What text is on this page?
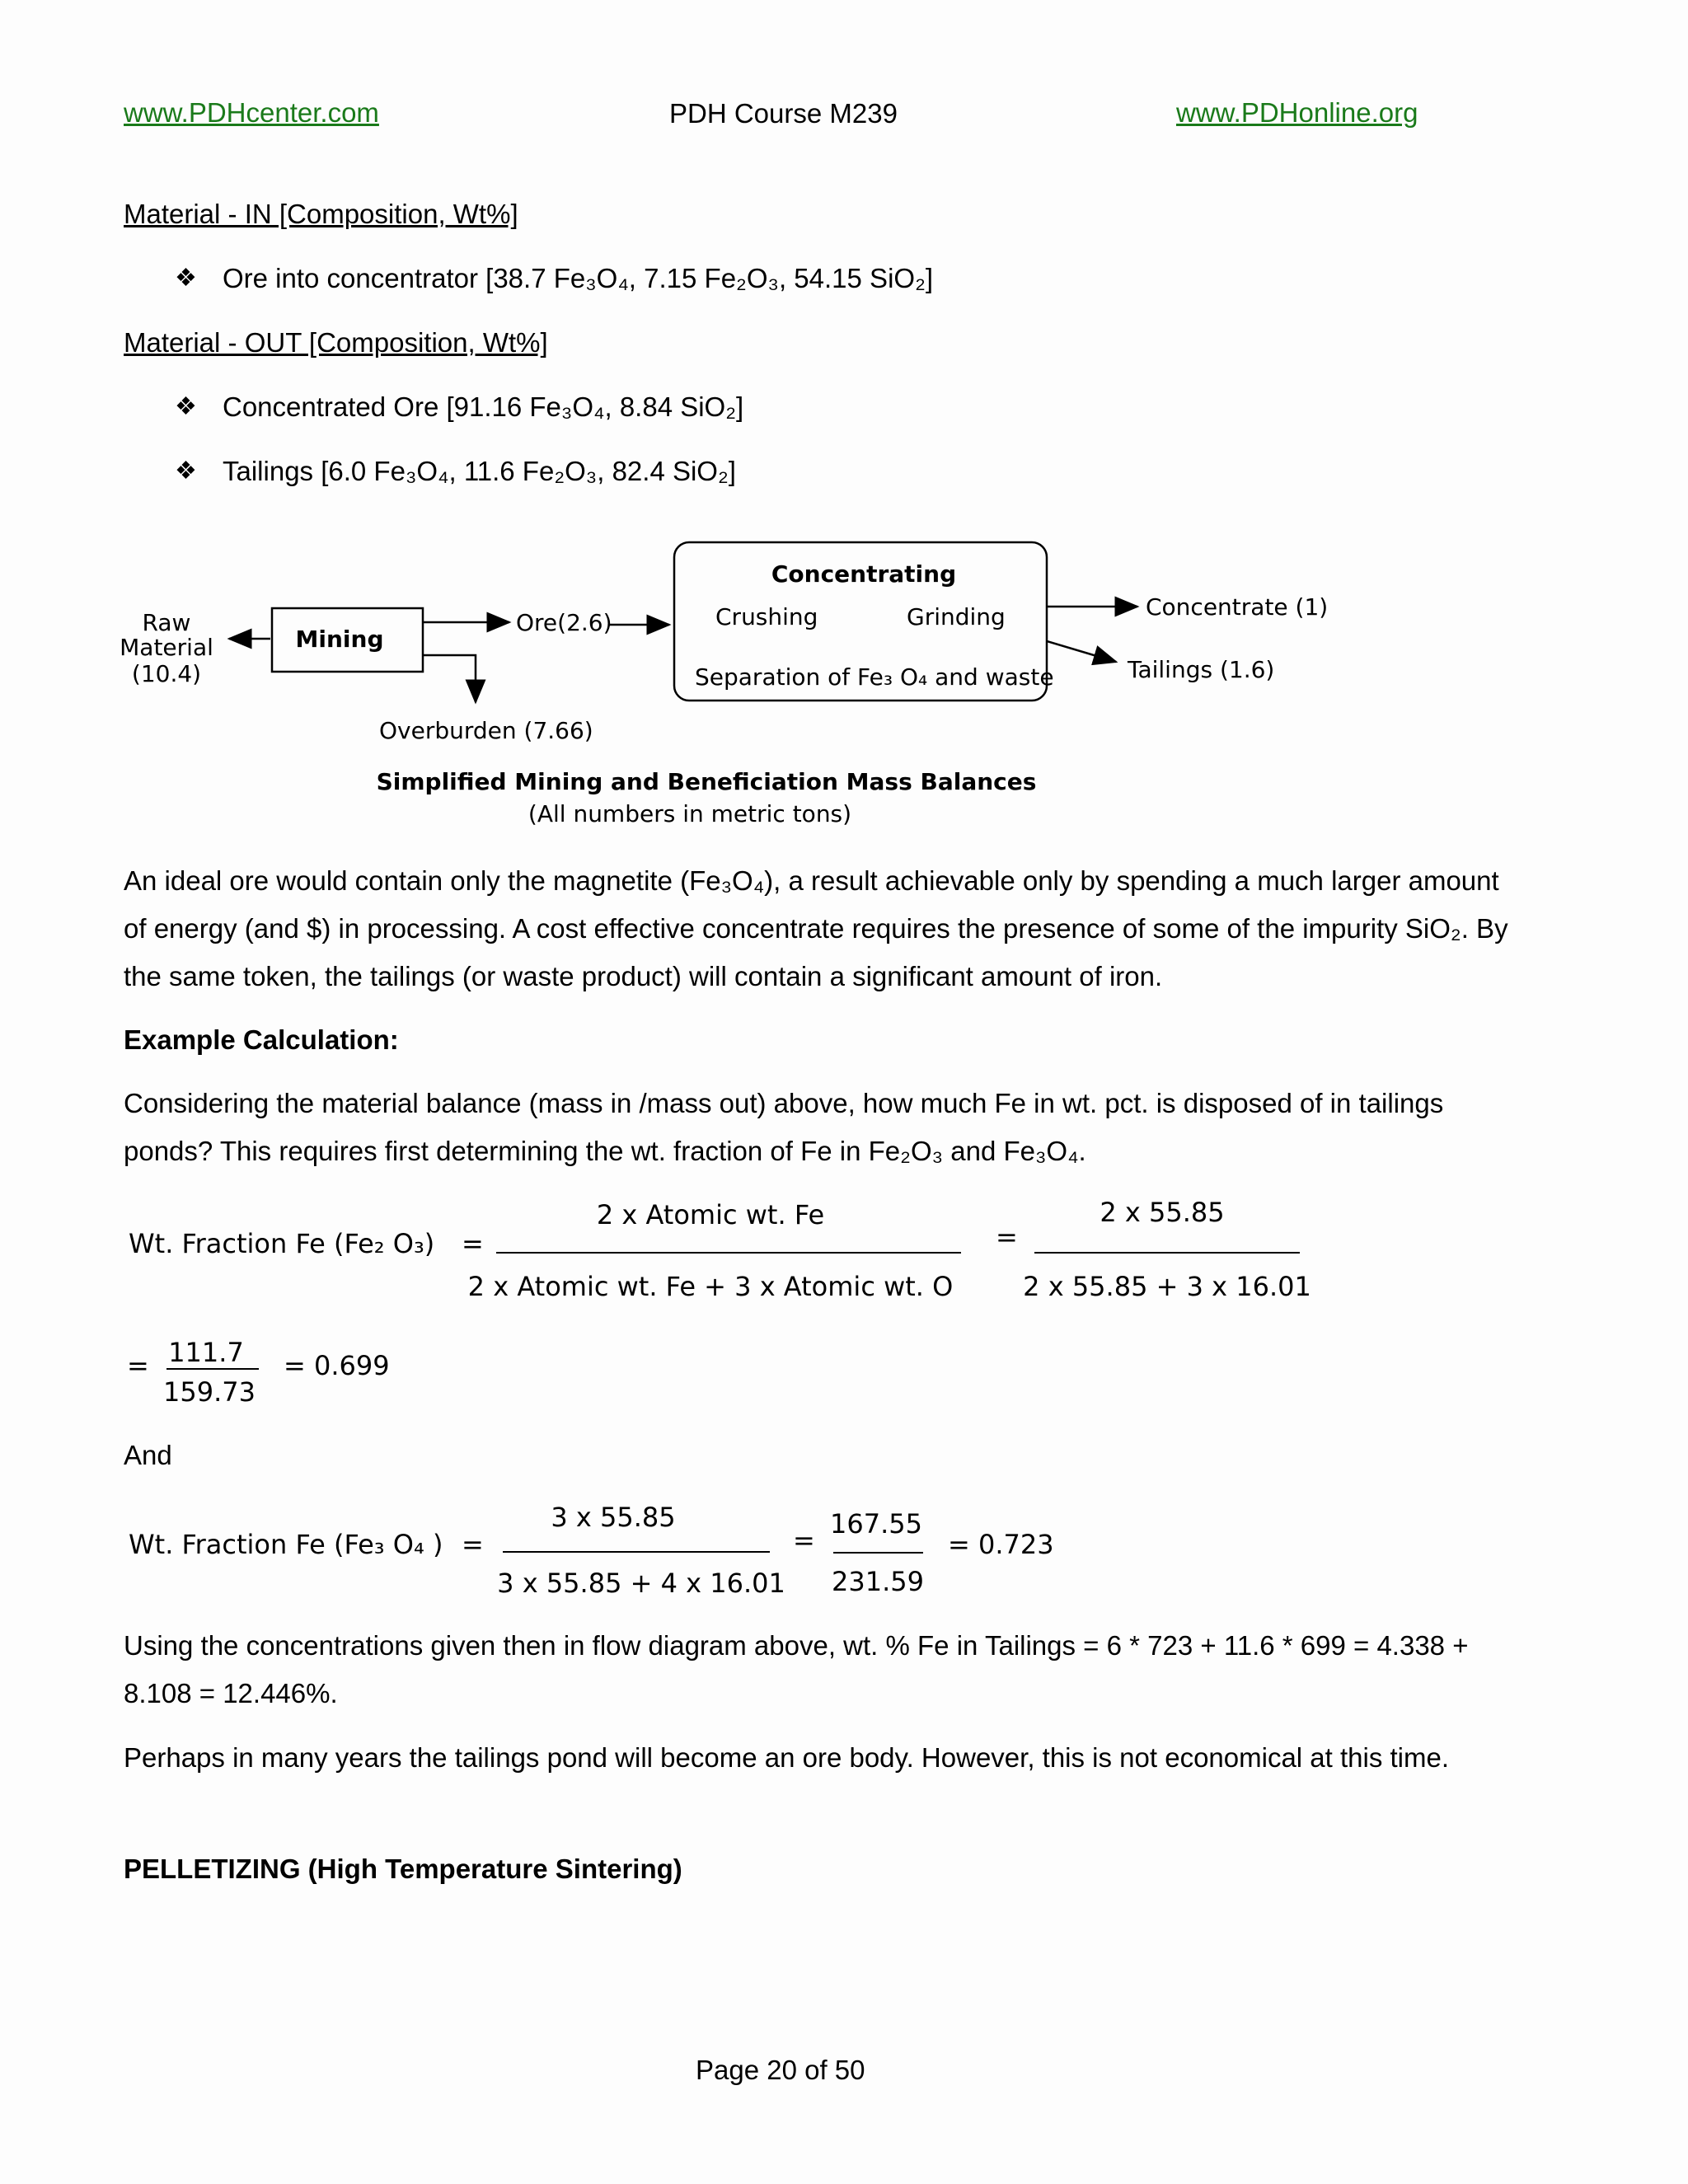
www.PDHcenter.com	PDH Course M239	www.PDHonline.org
Material - IN [Composition, Wt%]
❖ Ore into concentrator [38.7 Fe₃O₄, 7.15 Fe₂O₃, 54.15 SiO₂]
Material - OUT [Composition, Wt%]
❖ Concentrated Ore [91.16 Fe₃O₄, 8.84 SiO₂]
❖ Tailings [6.0 Fe₃O₄, 11.6 Fe₂O₃, 82.4 SiO₂]
Raw
Material
(10.4)
Mining
Ore(2.6)
Overburden (7.66)
Concentrating
Crushing	Grinding
Separation of Fe₃ O₄ and waste
Concentrate (1)
Tailings (1.6)
Simplified Mining and Beneficiation Mass Balances
(All numbers in metric tons)
An ideal ore would contain only the magnetite (Fe₃O₄), a result achievable only by spending a much larger amount of energy (and $) in processing. A cost effective concentrate requires the presence of some of the impurity SiO₂. By the same token, the tailings (or waste product) will contain a significant amount of iron.
Example Calculation:
Considering the material balance (mass in /mass out) above, how much Fe in wt. pct. is disposed of in tailings ponds? This requires first determining the wt. fraction of Fe in Fe₂O₃ and Fe₃O₄.
Wt. Fraction Fe (Fe₂ O₃) =
2 x Atomic wt. Fe
2 x Atomic wt. Fe + 3 x Atomic wt. O
=
2 x 55.85
2 x 55.85 + 3 x 16.01
= 111.7
159.73
= 0.699
And
Wt. Fraction Fe (Fe₃ O₄ ) =
3 x 55.85
3 x 55.85 + 4 x 16.01
=
167.55
231.59
= 0.723
Using the concentrations given then in flow diagram above, wt. % Fe in Tailings = 6 * 723 + 11.6 * 699 = 4.338 + 8.108 = 12.446%.
Perhaps in many years the tailings pond will become an ore body. However, this is not economical at this time.
PELLETIZING (High Temperature Sintering)
Page 20 of 50
